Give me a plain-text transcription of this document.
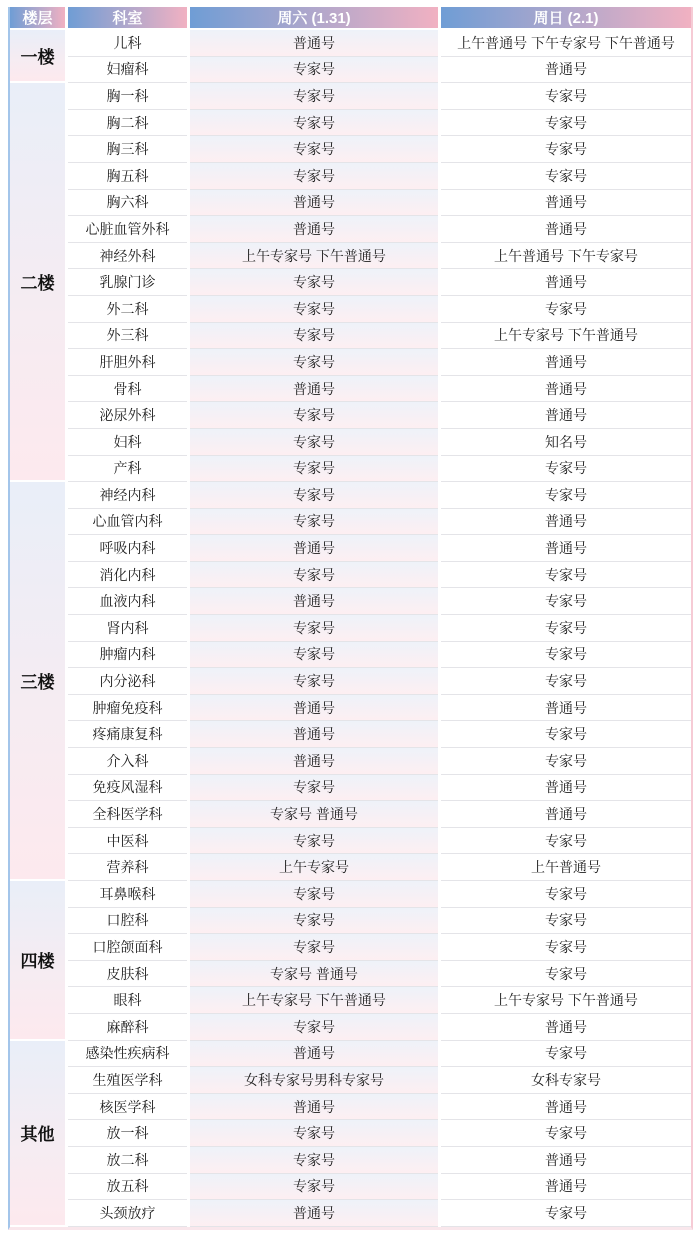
楼层	科室	周六 (1.31)	周日 (2.1)
一楼
儿科	普通号	上午普通号 下午专家号 下午普通号
妇瘤科	专家号	普通号
二楼
胸一科	专家号	专家号
胸二科	专家号	专家号
胸三科	专家号	专家号
胸五科	专家号	专家号
胸六科	普通号	普通号
心脏血管外科	普通号	普通号
神经外科	上午专家号 下午普通号	上午普通号 下午专家号
乳腺门诊	专家号	普通号
外二科	专家号	专家号
外三科	专家号	上午专家号 下午普通号
肝胆外科	专家号	普通号
骨科	普通号	普通号
泌尿外科	专家号	普通号
妇科	专家号	知名号
产科	专家号	专家号
三楼
神经内科	专家号	专家号
心血管内科	专家号	普通号
呼吸内科	普通号	普通号
消化内科	专家号	专家号
血液内科	普通号	专家号
肾内科	专家号	专家号
肿瘤内科	专家号	专家号
内分泌科	专家号	专家号
肿瘤免疫科	普通号	普通号
疼痛康复科	普通号	专家号
介入科	普通号	专家号
免疫风湿科	专家号	普通号
全科医学科	专家号 普通号	普通号
中医科	专家号	专家号
营养科	上午专家号	上午普通号
四楼
耳鼻喉科	专家号	专家号
口腔科	专家号	专家号
口腔颌面科	专家号	专家号
皮肤科	专家号 普通号	专家号
眼科	上午专家号 下午普通号	上午专家号 下午普通号
麻醉科	专家号	普通号
其他
感染性疾病科	普通号	专家号
生殖医学科	女科专家号男科专家号	女科专家号
核医学科	普通号	普通号
放一科	专家号	专家号
放二科	专家号	普通号
放五科	专家号	普通号
头颈放疗	普通号	专家号
